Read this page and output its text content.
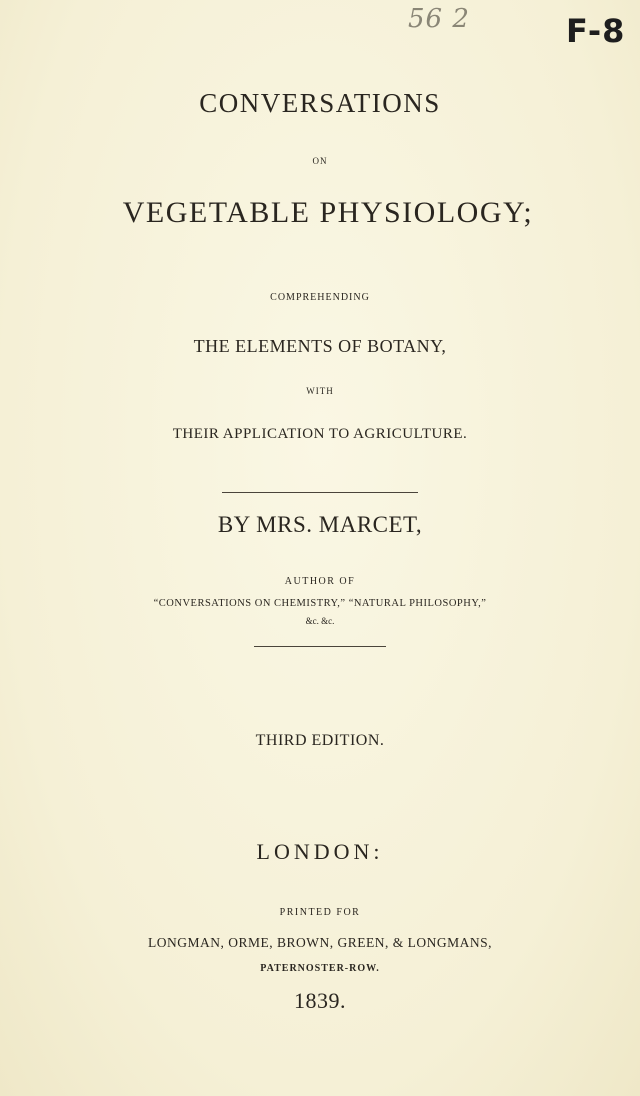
56 2	F-8
CONVERSATIONS
ON
VEGETABLE PHYSIOLOGY;
COMPREHENDING
THE ELEMENTS OF BOTANY,
WITH
THEIR APPLICATION TO AGRICULTURE.
BY MRS. MARCET,
AUTHOR OF
“CONVERSATIONS ON CHEMISTRY,” “NATURAL PHILOSOPHY,”
&c. &c.
THIRD EDITION.
LONDON:
PRINTED FOR
LONGMAN, ORME, BROWN, GREEN, & LONGMANS,
PATERNOSTER-ROW.
1839.
